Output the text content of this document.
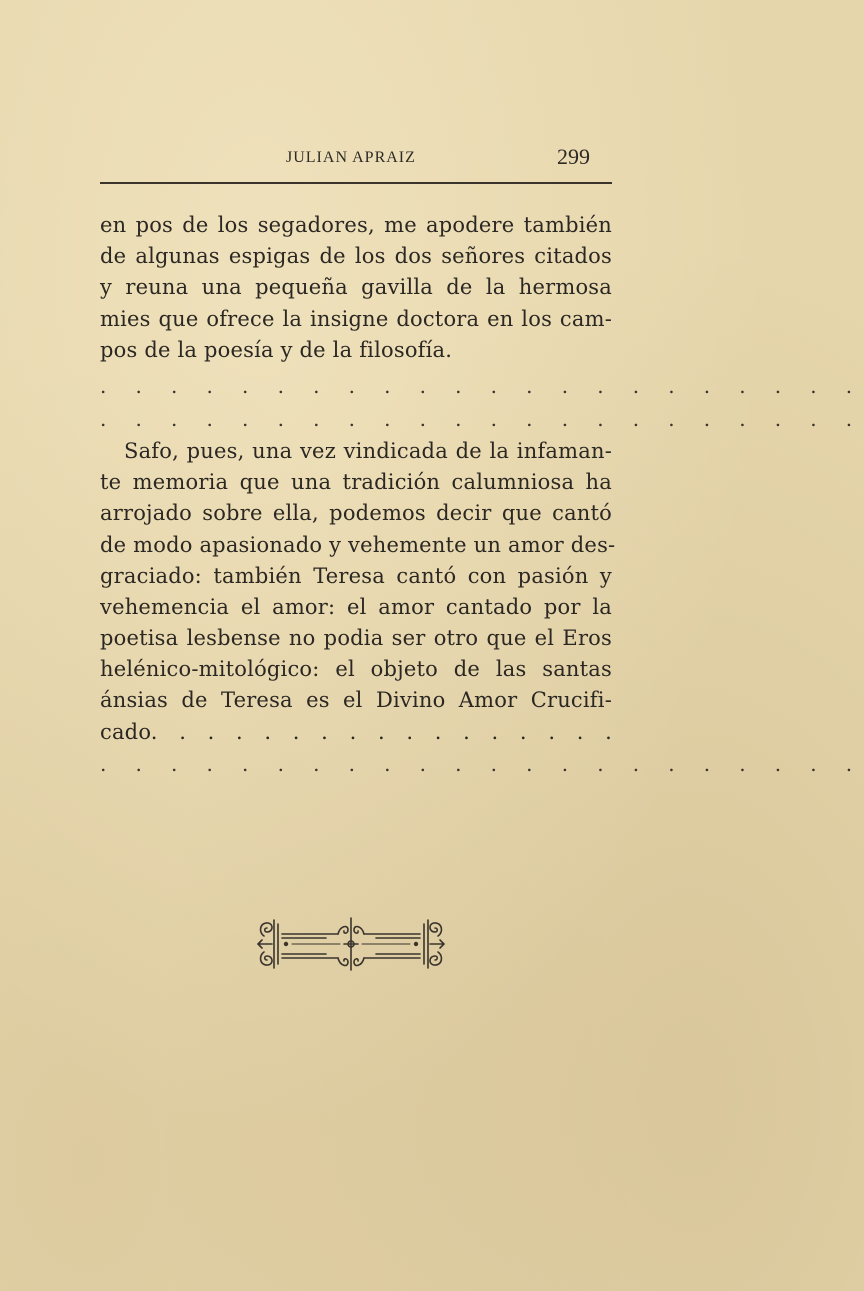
JULIAN APRAIZ	299
en pos de los segadores, me apodere también
de algunas espigas de los dos señores citados
y reuna una pequeña gavilla de la hermosa
mies que ofrece la insigne doctora en los cam-
pos de la poesía y de la filosofía.
. . . . . . . . . . . . . . . . . . . . . .
. . . . . . . . . . . . . . . . . . . . . .
Safo, pues, una vez vindicada de la infaman-
te memoria que una tradición calumniosa ha
arrojado sobre ella, podemos decir que cantó
de modo apasionado y vehemente un amor des-
graciado: también Teresa cantó con pasión y
vehemencia el amor: el amor cantado por la
poetisa lesbense no podia ser otro que el Eros
helénico-mitológico: el objeto de las santas
ánsias de Teresa es el Divino Amor Crucifi-
cado. . . . . . . . . . . . . . . . .
. . . . . . . . . . . . . . . . . . . . . .
